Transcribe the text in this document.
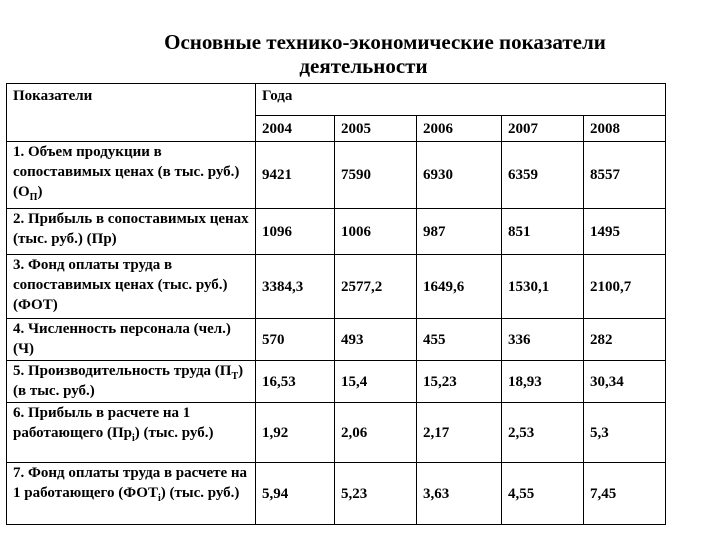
Основные технико-экономические показатели
деятельности
Показатели	Года				
	2004	2005	2006	2007	2008
1. Объем продукции в сопоставимых ценах (в тыс. руб.) $(О_П)$	9421	7590	6930	6359	8557
2. Прибыль в сопоставимых ценах (тыс. руб.) (Пр)	1096	1006	987	851	1495
3. Фонд оплаты труда в сопоставимых ценах (тыс. руб.) (ФОТ)	3384,3	2577,2	1649,6	1530,1	2100,7
4. Численность персонала (чел.) (Ч)	570	493	455	336	282
5. Производительность труда $(П_Т)$ (в тыс. руб.)	16,53	15,4	15,23	18,93	30,34
6. Прибыль в расчете на 1 работающего $(Пр_i)$ (тыс. руб.)	1,92	2,06	2,17	2,53	5,3
7. Фонд оплаты труда в расчете на 1 работающего $(ФОТ_i)$ (тыс. руб.)	5,94	5,23	3,63	4,55	7,45
